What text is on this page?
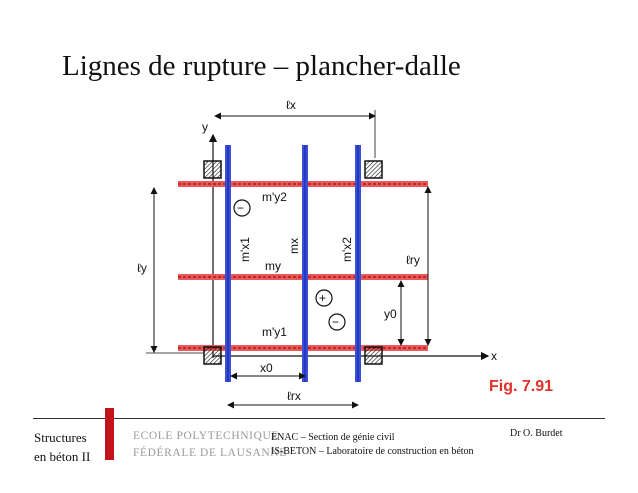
Lignes de rupture – plancher-dalle
ℓx
ℓy
ℓry
y0
x0
ℓrx
y
x
m'y2
my
m'y1
m'x1	mx	m'x2
−
+
−
Fig. 7.91
Structures
en béton II
ECOLE POLYTECHNIQUE
FÉDÉRALE DE LAUSANNE
ENAC – Section de génie civil
IS-BETON – Laboratoire de construction en béton
Dr O. Burdet
